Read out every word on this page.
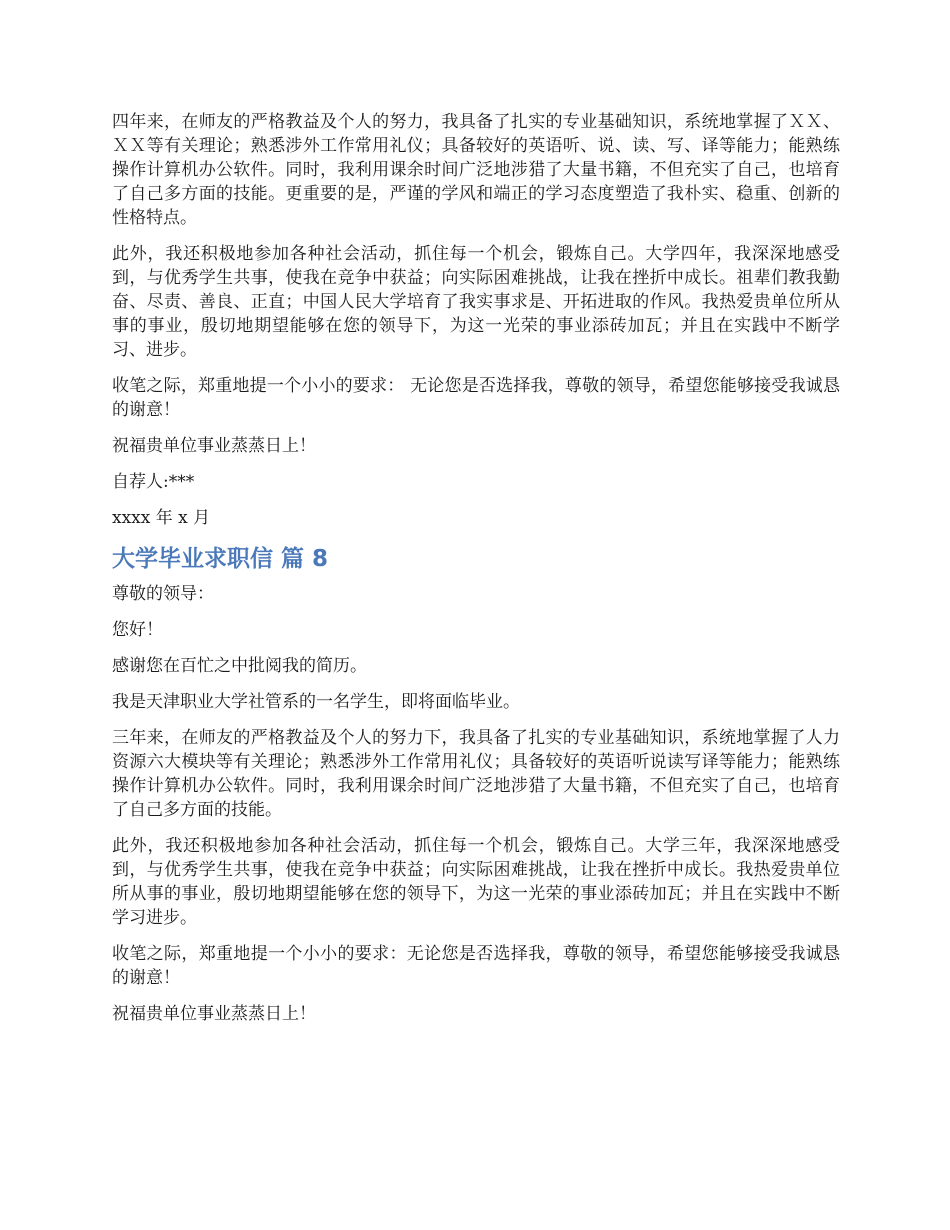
四年来，在师友的严格教益及个人的努力，我具备了扎实的专业基础知识，系统地掌握了ＸＸ、ＸＸ等有关理论；熟悉涉外工作常用礼仪；具备较好的英语听、说、读、写、译等能力；能熟练操作计算机办公软件。同时，我利用课余时间广泛地涉猎了大量书籍，不但充实了自己，也培育了自己多方面的技能。更重要的是，严谨的学风和端正的学习态度塑造了我朴实、稳重、创新的性格特点。

此外，我还积极地参加各种社会活动，抓住每一个机会，锻炼自己。大学四年，我深深地感受到，与优秀学生共事，使我在竞争中获益；向实际困难挑战，让我在挫折中成长。祖辈们教我勤奋、尽责、善良、正直；中国人民大学培育了我实事求是、开拓进取的作风。我热爱贵单位所从事的事业，殷切地期望能够在您的领导下，为这一光荣的事业添砖加瓦；并且在实践中不断学习、进步。

收笔之际，郑重地提一个小小的要求： 无论您是否选择我，尊敬的领导，希望您能够接受我诚恳的谢意！

祝福贵单位事业蒸蒸日上！

自荐人:***

xxxx 年 x 月

大学毕业求职信 篇 8

尊敬的领导：

您好！

感谢您在百忙之中批阅我的简历。

我是天津职业大学社管系的一名学生，即将面临毕业。

三年来，在师友的严格教益及个人的努力下，我具备了扎实的专业基础知识，系统地掌握了人力资源六大模块等有关理论；熟悉涉外工作常用礼仪；具备较好的英语听说读写译等能力；能熟练操作计算机办公软件。同时，我利用课余时间广泛地涉猎了大量书籍，不但充实了自己，也培育了自己多方面的技能。

此外，我还积极地参加各种社会活动，抓住每一个机会，锻炼自己。大学三年，我深深地感受到，与优秀学生共事，使我在竞争中获益；向实际困难挑战，让我在挫折中成长。我热爱贵单位所从事的事业，殷切地期望能够在您的领导下，为这一光荣的事业添砖加瓦；并且在实践中不断学习进步。

收笔之际，郑重地提一个小小的要求：无论您是否选择我，尊敬的领导，希望您能够接受我诚恳的谢意！

祝福贵单位事业蒸蒸日上！
